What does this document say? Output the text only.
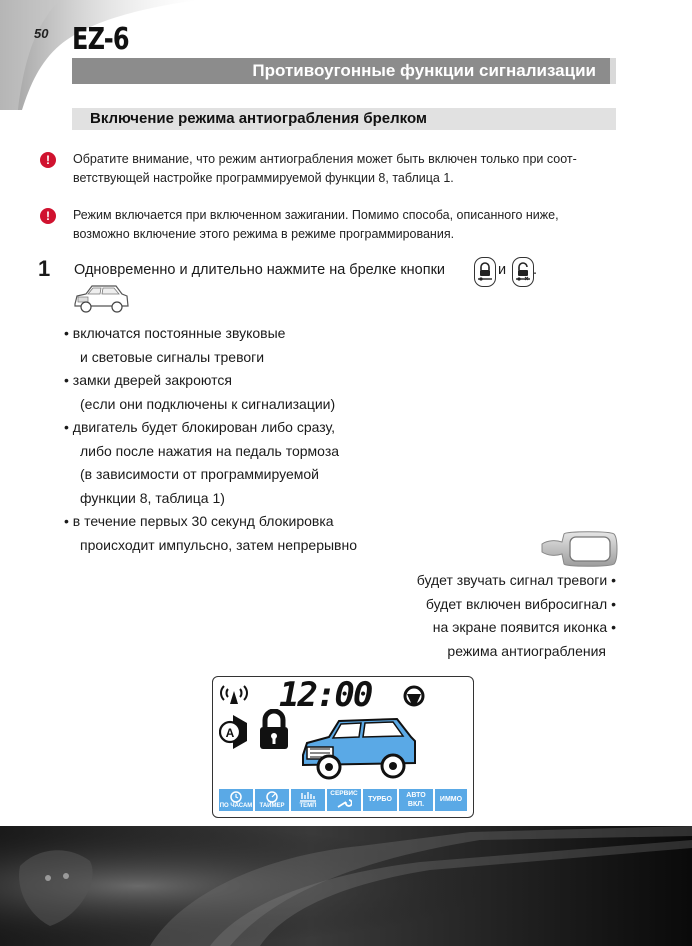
50 EZ-6
Противоугонные функции сигнализации
Включение режима антиограбления брелком
!
Обратите внимание, что режим антиограбления может быть включен только при соот-
ветствующей настройке программируемой функции 8, таблица 1.
!
Режим включается при включенном зажигании. Помимо способа, описанного ниже,
возможно включение этого режима в режиме программирования.
1 Одновременно и длительно нажмите на брелке кнопки	и .
• включатся постоянные звуковые
и световые сигналы тревоги
• замки дверей закроются
(если они подключены к сигнализации)
• двигатель будет блокирован либо сразу,
либо после нажатия на педаль тормоза
(в зависимости от программируемой
функции 8, таблица 1)
• в течение первых 30 секунд блокировка
происходит импульсно, затем непрерывно
будет звучать сигнал тревоги •
будет включен вибросигнал •
на экране появится иконка •
режима антиограбления
12:00
A
ПО ЧАСАМ	ТАЙМЕР	ТЕМП
СЕРВИС
ТУРБО
АВТО ВКЛ.
ИММО
